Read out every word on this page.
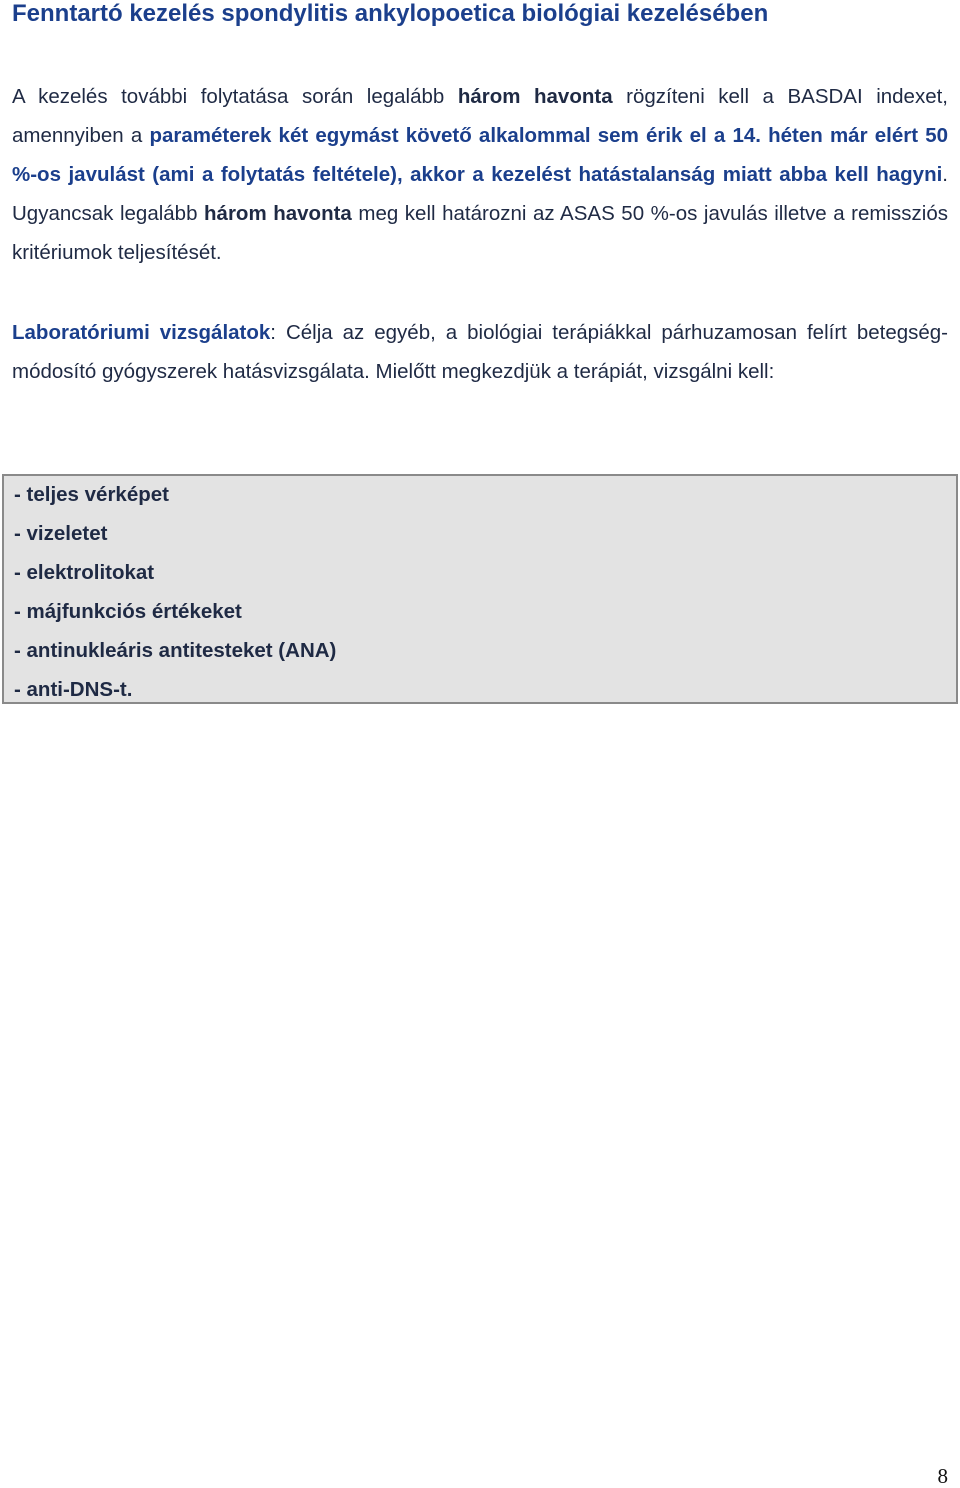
Fenntartó kezelés spondylitis ankylopoetica biológiai kezelésében

A kezelés további folytatása során legalább három havonta rögzíteni kell a BASDAI indexet, amennyiben a paraméterek két egymást követő alkalommal sem érik el a 14. héten már elért 50 %-os javulást (ami a folytatás feltétele), akkor a kezelést hatástalanság miatt abba kell hagyni. Ugyancsak legalább három havonta meg kell határozni az ASAS 50 %-os javulás illetve a remissziós kritériumok teljesítését.

Laboratóriumi vizsgálatok: Célja az egyéb, a biológiai terápiákkal párhuzamosan felírt betegség-módosító gyógyszerek hatásvizsgálata. Mielőtt megkezdjük a terápiát, vizsgálni kell:

- teljes vérképet
- vizeletet
- elektrolitokat
- májfunkciós értékeket
- antinukleáris antitesteket (ANA)
- anti-DNS-t.
8
